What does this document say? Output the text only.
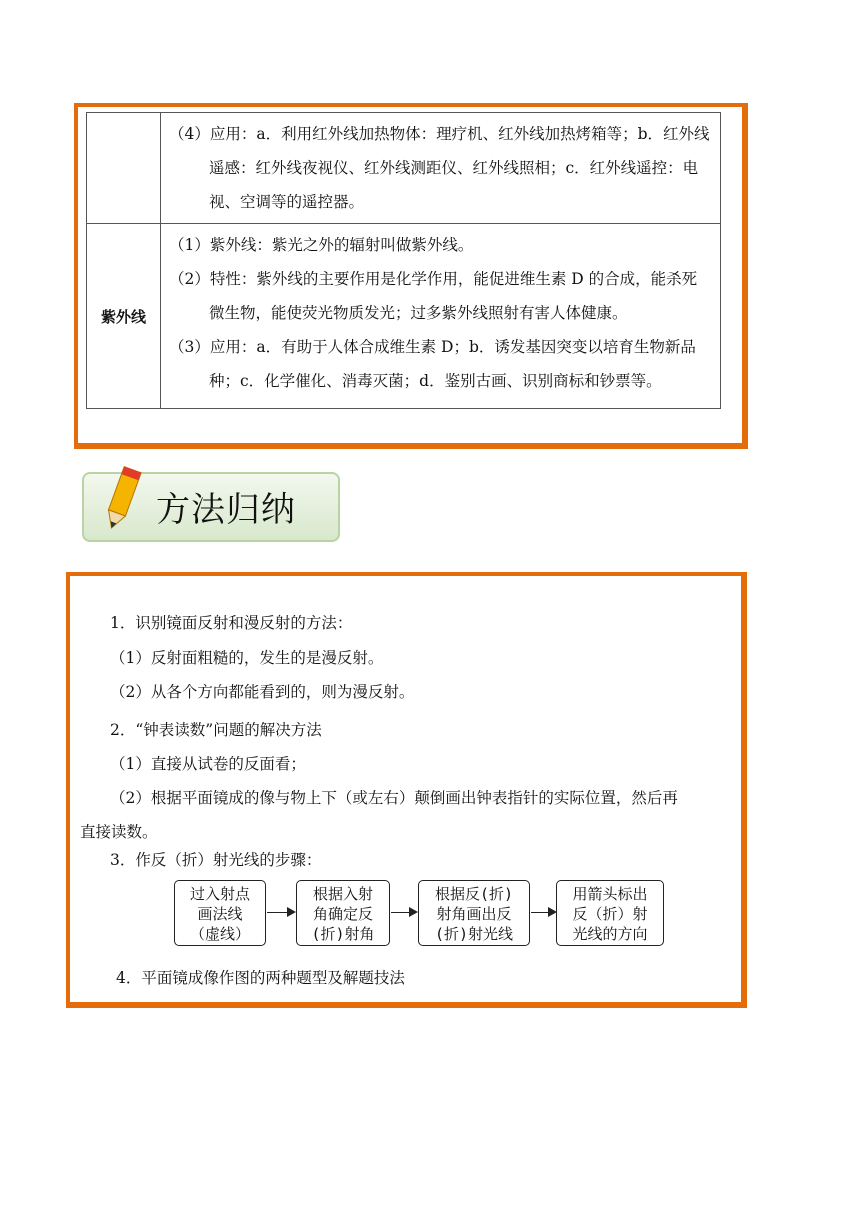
	（4）应用：a．利用红外线加热物体：理疗机、红外线加热烤箱等；b．红外线遥感：红外线夜视仪、红外线测距仪、红外线照相；c．红外线遥控：电视、空调等的遥控器。

紫外线	（1）紫外线：紫光之外的辐射叫做紫外线。
（2）特性：紫外线的主要作用是化学作用，能促进维生素 D 的合成，能杀死微生物，能使荧光物质发光；过多紫外线照射有害人体健康。
（3）应用：a．有助于人体合成维生素 D；b．诱发基因突变以培育生物新品种；c．化学催化、消毒灭菌；d．鉴别古画、识别商标和钞票等。
方法归纳
1．识别镜面反射和漫反射的方法：
（1）反射面粗糙的，发生的是漫反射。
（2）从各个方向都能看到的，则为漫反射。
2．“钟表读数”问题的解决方法
（1）直接从试卷的反面看；
（2）根据平面镜成的像与物上下（或左右）颠倒画出钟表指针的实际位置，然后再
直接读数。
3．作反（折）射光线的步骤：
过入射点
画法线
（虚线）
根据入射
角确定反
(折)射角
根据反(折)
射角画出反
(折)射光线
用箭头标出
反（折）射
光线的方向
4．平面镜成像作图的两种题型及解题技法
